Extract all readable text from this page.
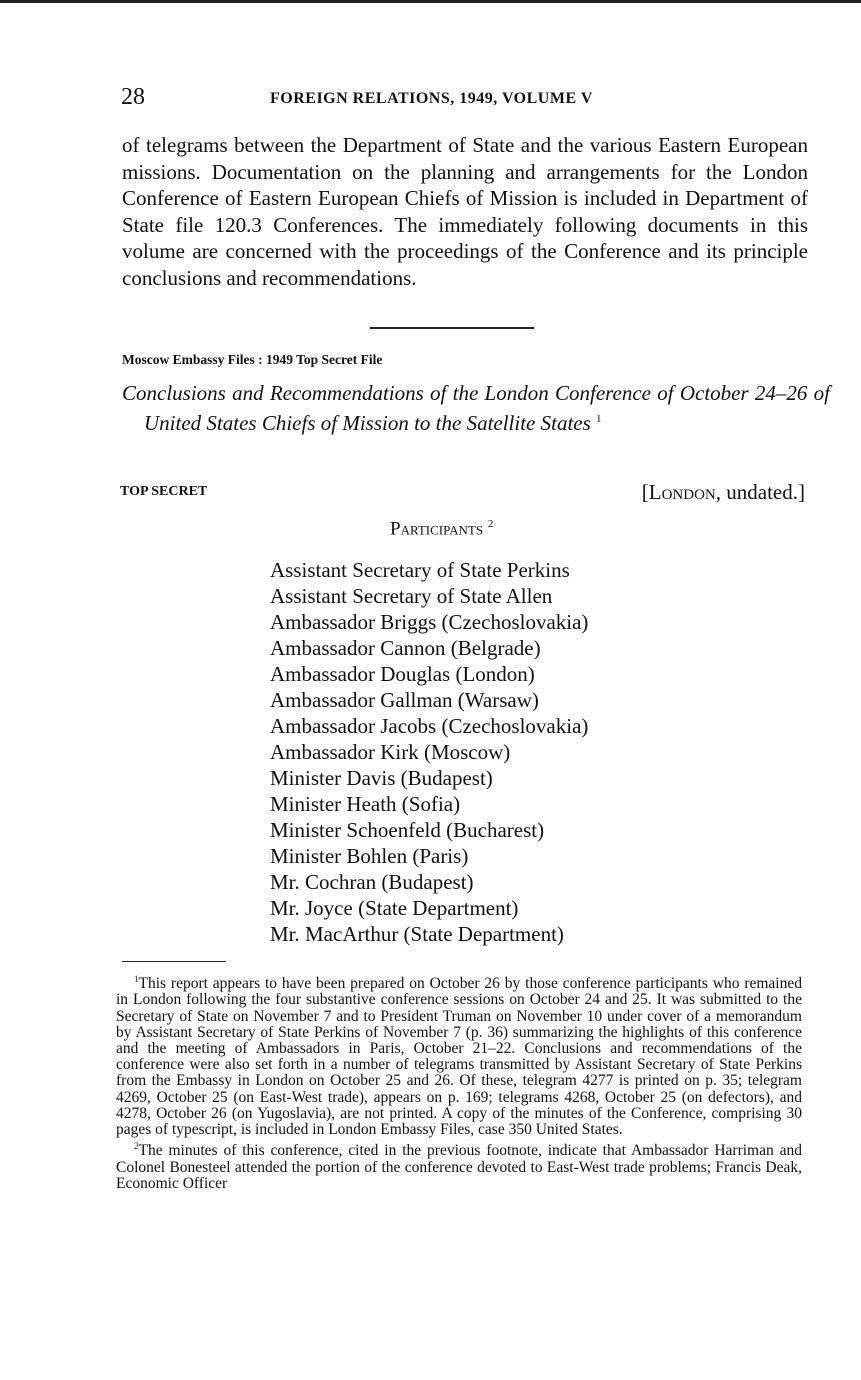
28	FOREIGN RELATIONS, 1949, VOLUME V

of telegrams between the Department of State and the various Eastern European missions. Documentation on the planning and arrangements for the London Conference of Eastern European Chiefs of Mission is included in Department of State file 120.3 Conferences. The immediately following documents in this volume are concerned with the proceedings of the Conference and its principle conclusions and recommendations.

Moscow Embassy Files : 1949 Top Secret File

Conclusions and Recommendations of the London Conference of October 24–26 of United States Chiefs of Mission to the Satellite States $^1$

TOP SECRET	[London, undated.]
Participants $^2$
Assistant Secretary of State Perkins
Assistant Secretary of State Allen
Ambassador Briggs (Czechoslovakia)
Ambassador Cannon (Belgrade)
Ambassador Douglas (London)
Ambassador Gallman (Warsaw)
Ambassador Jacobs (Czechoslovakia)
Ambassador Kirk (Moscow)
Minister Davis (Budapest)
Minister Heath (Sofia)
Minister Schoenfeld (Bucharest)
Minister Bohlen (Paris)
Mr. Cochran (Budapest)
Mr. Joyce (State Department)
Mr. MacArthur (State Department)

$^1$This report appears to have been prepared on October 26 by those conference participants who remained in London following the four substantive conference sessions on October 24 and 25. It was submitted to the Secretary of State on November 7 and to President Truman on November 10 under cover of a memorandum by Assistant Secretary of State Perkins of November 7 (p. 36) summarizing the highlights of this conference and the meeting of Ambassadors in Paris, October 21–22. Conclusions and recommendations of the conference were also set forth in a number of telegrams transmitted by Assistant Secretary of State Perkins from the Embassy in London on October 25 and 26. Of these, telegram 4277 is printed on p. 35; telegram 4269, October 25 (on East-West trade), appears on p. 169; telegrams 4268, October 25 (on defectors), and 4278, October 26 (on Yugoslavia), are not printed. A copy of the minutes of the Conference, comprising 30 pages of typescript, is included in London Embassy Files, case 350 United States.

$^2$The minutes of this conference, cited in the previous footnote, indicate that Ambassador Harriman and Colonel Bonesteel attended the portion of the conference devoted to East-West trade problems; Francis Deak, Economic Officer
